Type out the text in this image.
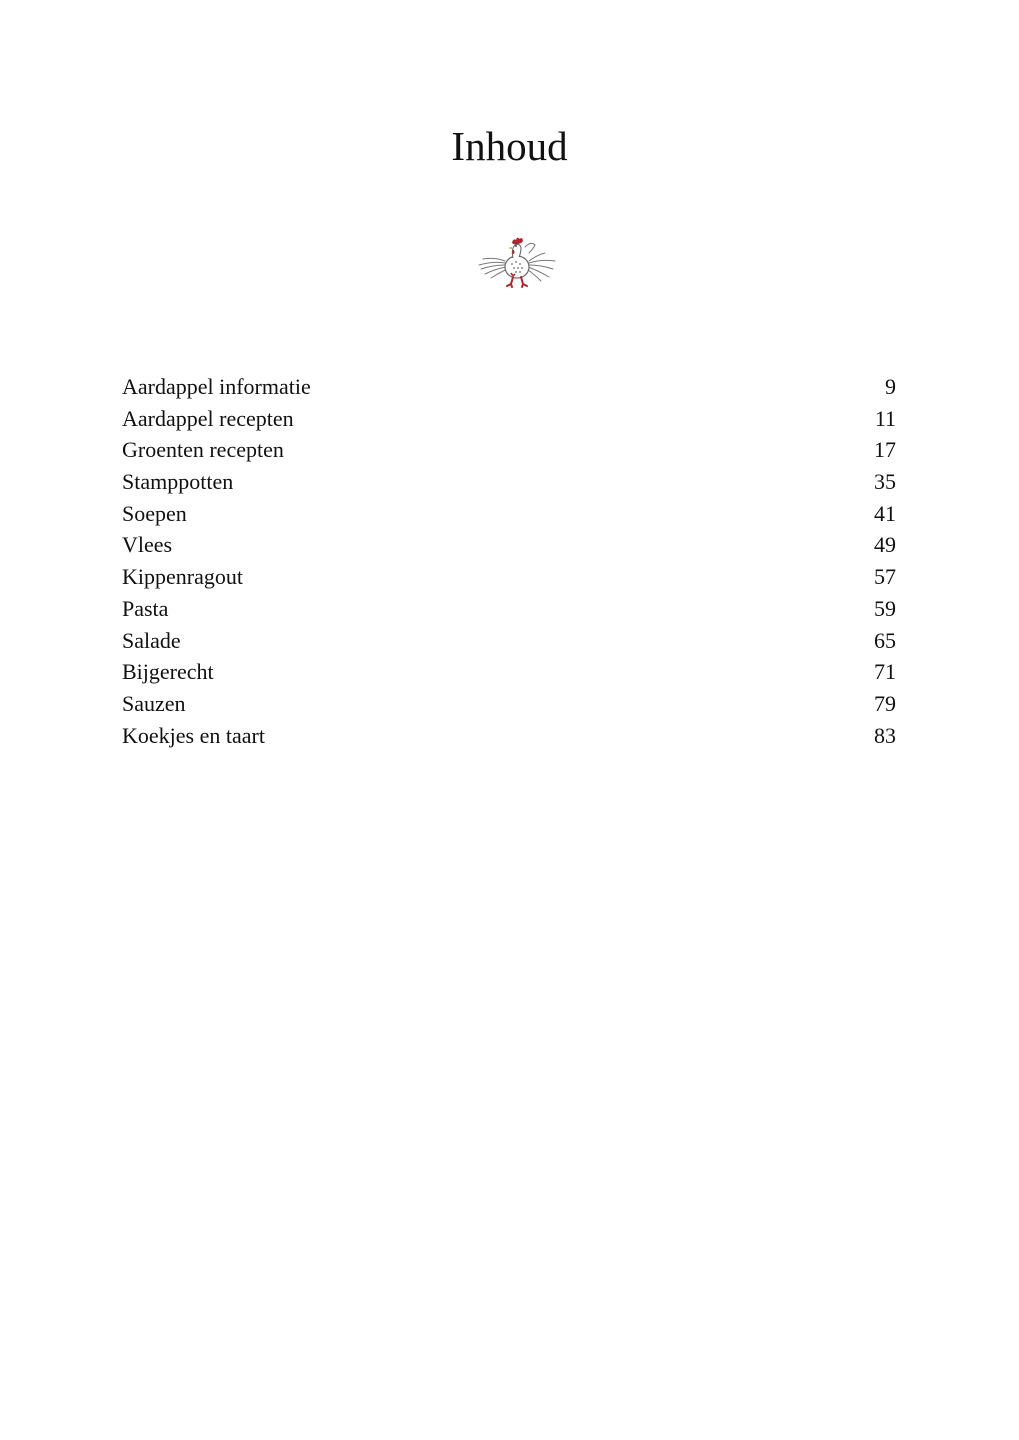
Inhoud
Aardappel informatie	9
Aardappel recepten	11
Groenten recepten	17
Stamppotten	35
Soepen	41
Vlees	49
Kippenragout	57
Pasta	59
Salade	65
Bijgerecht	71
Sauzen	79
Koekjes en taart	83
